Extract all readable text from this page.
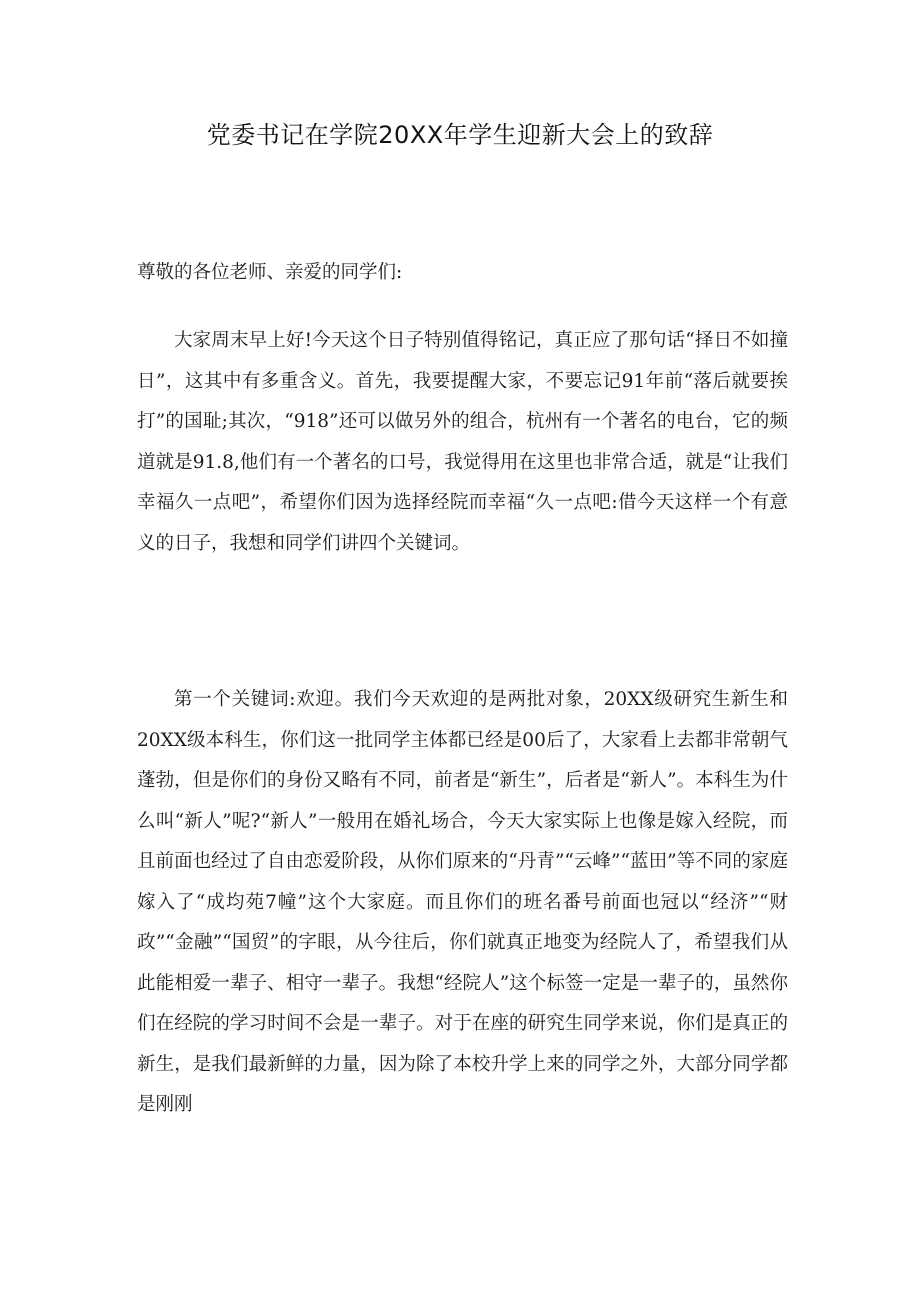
党委书记在学院20XX年学生迎新大会上的致辞

尊敬的各位老师、亲爱的同学们:

大家周末早上好!今天这个日子特别值得铭记，真正应了那句话“择日不如撞日”，这其中有多重含义。首先，我要提醒大家，不要忘记91年前“落后就要挨打”的国耻;其次，“918”还可以做另外的组合，杭州有一个著名的电台，它的频道就是91.8,他们有一个著名的口号，我觉得用在这里也非常合适，就是“让我们幸福久一点吧”，希望你们因为选择经院而幸福“久一点吧:借今天这样一个有意义的日子，我想和同学们讲四个关键词。

第一个关键词:欢迎。我们今天欢迎的是两批对象，20XX级研究生新生和20XX级本科生，你们这一批同学主体都已经是00后了，大家看上去都非常朝气蓬勃，但是你们的身份又略有不同，前者是“新生”，后者是“新人”。本科生为什么叫“新人”呢?“新人”一般用在婚礼场合，今天大家实际上也像是嫁入经院，而且前面也经过了自由恋爱阶段，从你们原来的“丹青”“云峰”“蓝田”等不同的家庭嫁入了“成均苑7幢”这个大家庭。而且你们的班名番号前面也冠以“经济”“财政”“金融”“国贸”的字眼，从今往后，你们就真正地变为经院人了，希望我们从此能相爱一辈子、相守一辈子。我想“经院人”这个标签一定是一辈子的，虽然你们在经院的学习时间不会是一辈子。对于在座的研究生同学来说，你们是真正的新生，是我们最新鲜的力量，因为除了本校升学上来的同学之外，大部分同学都是刚刚
